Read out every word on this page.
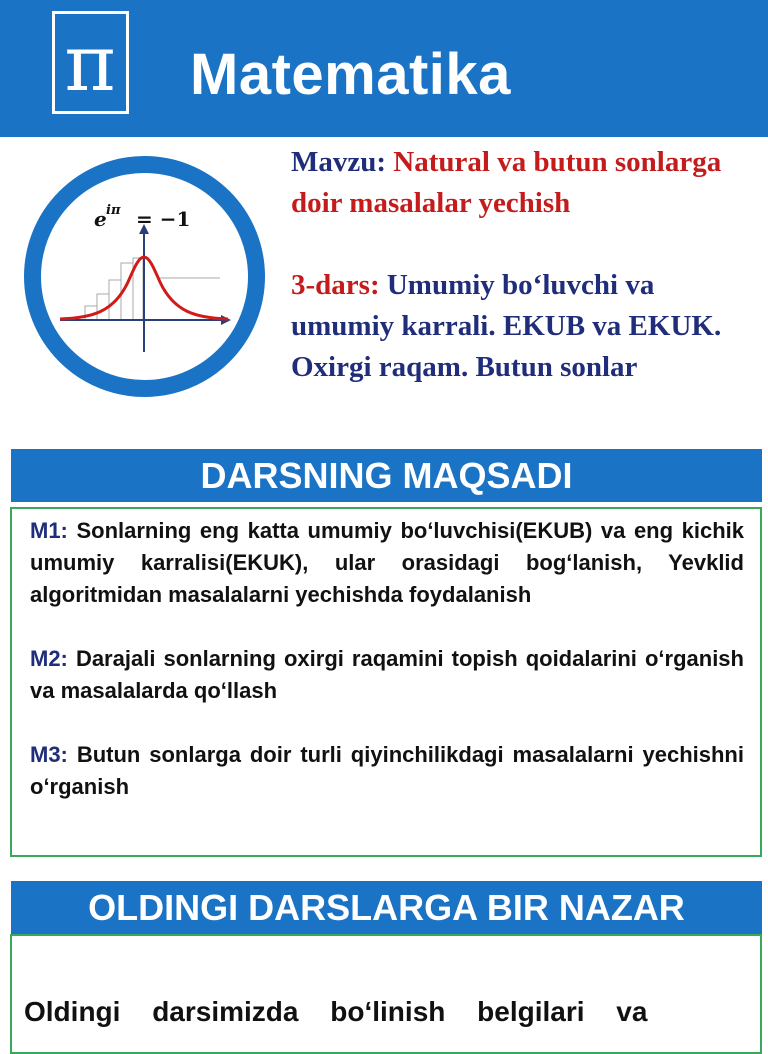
π Matematika
e iπ = −1

Mavzu: Natural va butun sonlarga doir masalalar yechish

3-dars: Umumiy bo‘luvchi va umumiy karrali. EKUB va EKUK. Oxirgi raqam. Butun sonlar

DARSNING MAQSADI

M1: Sonlarning eng katta umumiy bo‘luvchisi(EKUB) va eng kichik umumiy karralisi(EKUK), ular orasidagi bog‘lanish, Yevklid algoritmidan masalalarni yechishda foydalanish

M2: Darajali sonlarning oxirgi raqamini topish qoidalarini o‘rganish va masalalarda qo‘llash

M3: Butun sonlarga doir turli qiyinchilikdagi masalalarni yechishni o‘rganish

OLDINGI DARSLARGA BIR NAZAR
Oldingi darsimizda bo‘linish belgilari va
